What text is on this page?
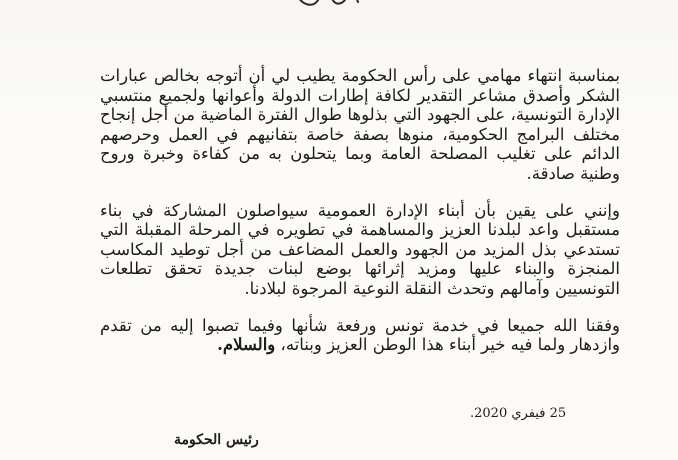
بمناسبة انتهاء مهامي على رأس الحكومة يطيب لي أن أتوجه بخالص عبارات الشكر وأصدق مشاعر التقدير لكافة إطارات الدولة وأعوانها ولجميع منتسبي الإدارة التونسية، على الجهود التي بذلوها طوال الفترة الماضية من أجل إنجاح مختلف البرامج الحكومية، منوها بصفة خاصة بتفانيهم في العمل وحرصهم الدائم على تغليب المصلحة العامة وبما يتحلون به من كفاءة وخبرة وروح وطنية صادقة.

وإنني على يقين بأن أبناء الإدارة العمومية سيواصلون المشاركة في بناء مستقبل واعد لبلدنا العزيز والمساهمة في تطويره في المرحلة المقبلة التي تستدعي بذل المزيد من الجهود والعمل المضاعف من أجل توطيد المكاسب المنجزة والبناء عليها ومزيد إثرائها بوضع لبنات جديدة تحقق تطلعات التونسيين وآمالهم وتحدث النقلة النوعية المرجوة لبلادنا.

وفقنا الله جميعا في خدمة تونس ورفعة شأنها وفيما تصبوا إليه من تقدم وازدهار ولما فيه خير أبناء هذا الوطن العزيز وبناته، والسلام.

25 فيفري 2020.
رئيس الحكومة
